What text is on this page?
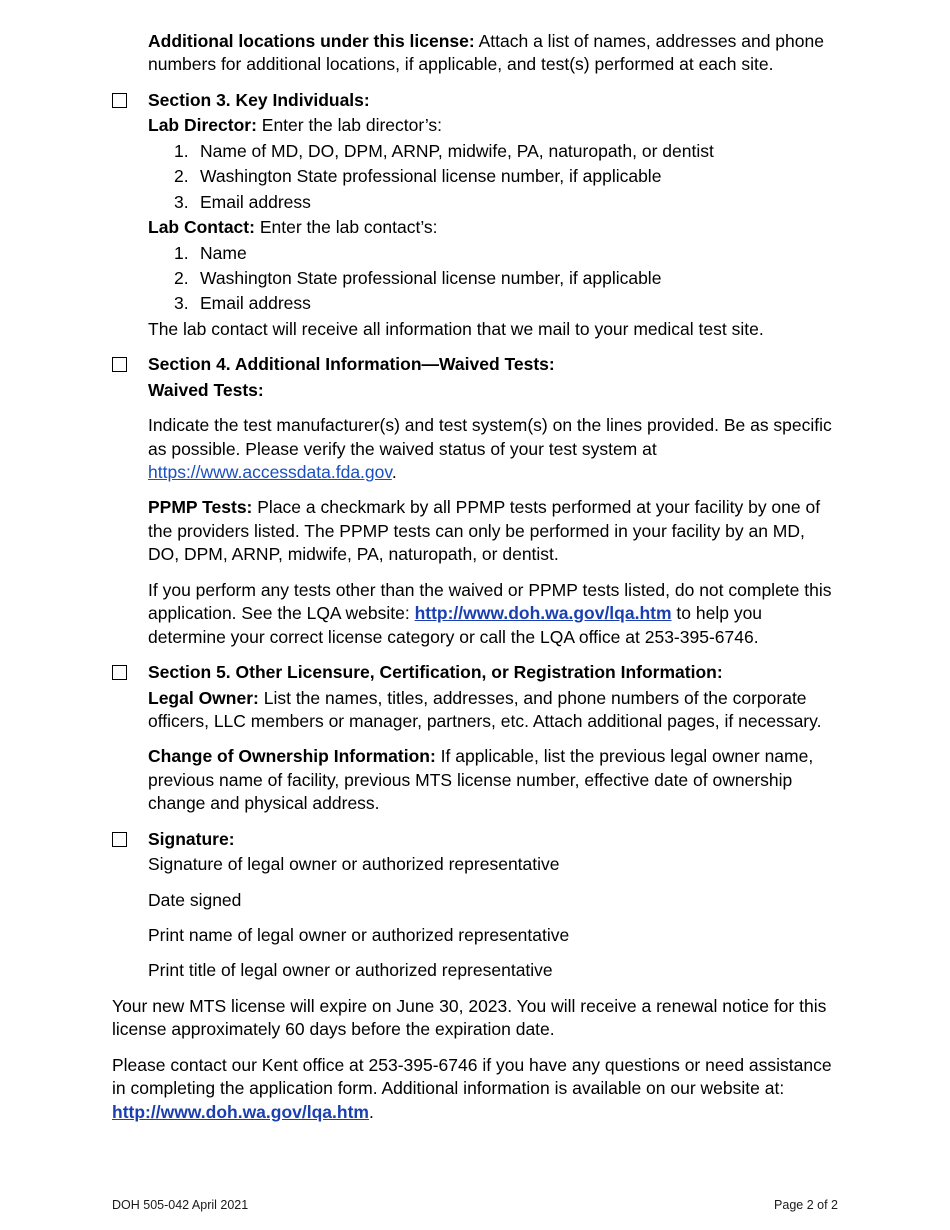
Additional locations under this license: Attach a list of names, addresses and phone numbers for additional locations, if applicable, and test(s) performed at each site.

Section 3. Key Individuals:

Lab Director: Enter the lab director’s:

1. Name of MD, DO, DPM, ARNP, midwife, PA, naturopath, or dentist
2. Washington State professional license number, if applicable
3. Email address

Lab Contact: Enter the lab contact’s:

1. Name
2. Washington State professional license number, if applicable
3. Email address

The lab contact will receive all information that we mail to your medical test site.

Section 4. Additional Information—Waived Tests:

Waived Tests:

Indicate the test manufacturer(s) and test system(s) on the lines provided. Be as specific as possible. Please verify the waived status of your test system at https://www.accessdata.fda.gov.

PPMP Tests: Place a checkmark by all PPMP tests performed at your facility by one of the providers listed. The PPMP tests can only be performed in your facility by an MD, DO, DPM, ARNP, midwife, PA, naturopath, or dentist.

If you perform any tests other than the waived or PPMP tests listed, do not complete this application. See the LQA website: http://www.doh.wa.gov/lqa.htm to help you determine your correct license category or call the LQA office at 253-395-6746.

Section 5. Other Licensure, Certification, or Registration Information:

Legal Owner: List the names, titles, addresses, and phone numbers of the corporate officers, LLC members or manager, partners, etc. Attach additional pages, if necessary.

Change of Ownership Information: If applicable, list the previous legal owner name, previous name of facility, previous MTS license number, effective date of ownership change and physical address.

Signature:

Signature of legal owner or authorized representative

Date signed

Print name of legal owner or authorized representative

Print title of legal owner or authorized representative

Your new MTS license will expire on June 30, 2023. You will receive a renewal notice for this license approximately 60 days before the expiration date.

Please contact our Kent office at 253-395-6746 if you have any questions or need assistance in completing the application form. Additional information is available on our website at: http://www.doh.wa.gov/lqa.htm.

DOH 505-042 April 2021	Page 2 of 2
